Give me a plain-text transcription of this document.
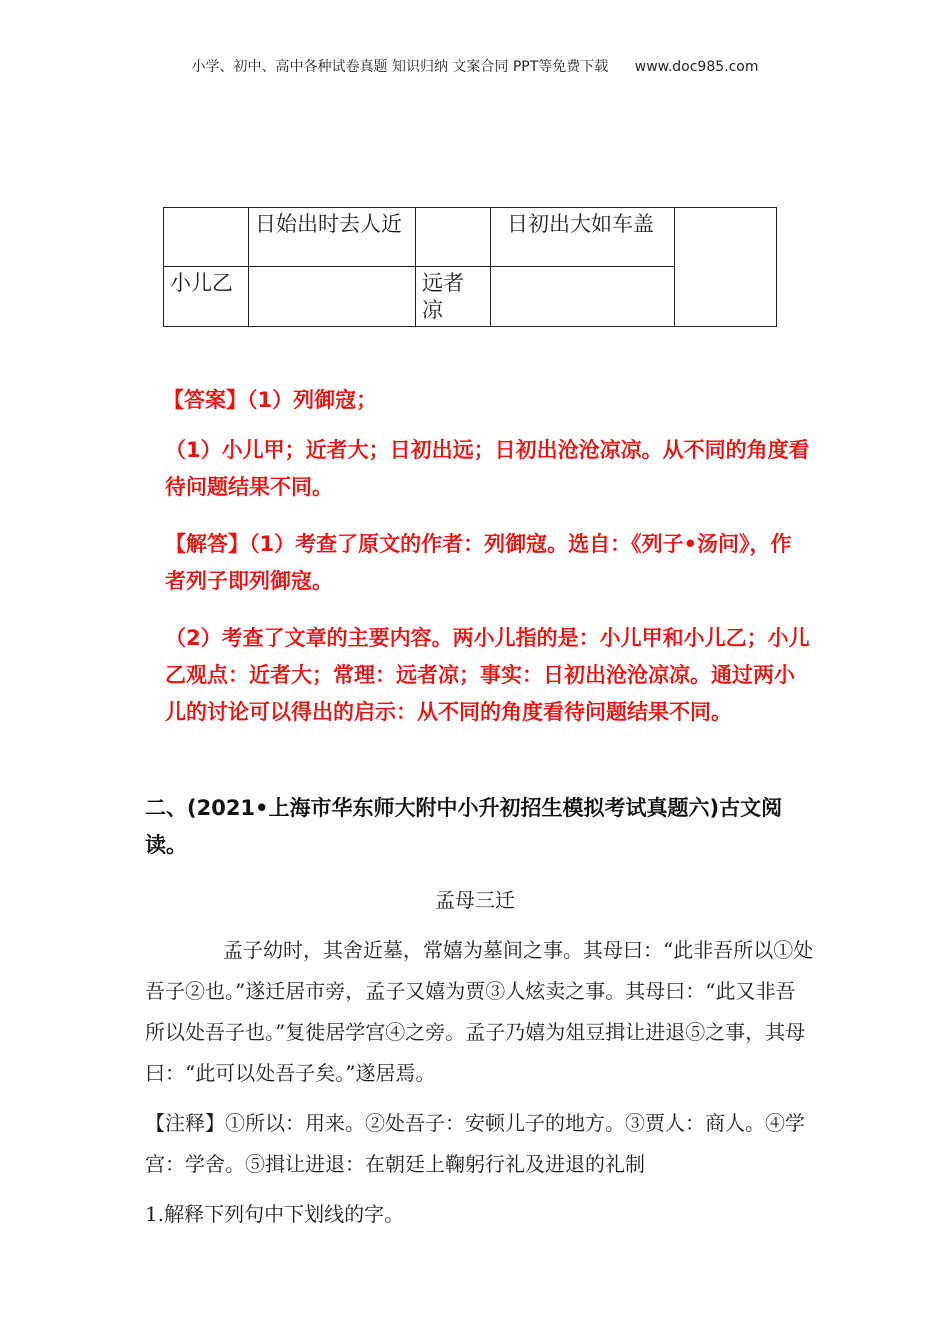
小学、初中、高中各种试卷真题 知识归纳 文案合同 PPT等免费下载 www.doc985.com
	日始出时去人近		日初出大如车盖	
小儿乙		远者凉		
【答案】（1）列御寇；
（1）小儿甲；近者大；日初出远；日初出沧沧凉凉。从不同的角度看待问题结果不同。
【解答】（1）考查了原文的作者：列御寇。选自：《列子•汤问》，作者列子即列御寇。
（2）考查了文章的主要内容。两小儿指的是：小儿甲和小儿乙；小儿乙观点：近者大；常理：远者凉；事实：日初出沧沧凉凉。通过两小儿的讨论可以得出的启示：从不同的角度看待问题结果不同。
二、(2021•上海市华东师大附中小升初招生模拟考试真题六)古文阅读。
孟母三迁
孟子幼时，其舍近墓，常嬉为墓间之事。其母曰：“此非吾所以①处吾子②也。”遂迁居市旁，孟子又嬉为贾③人炫卖之事。其母曰：“此又非吾所以处吾子也。”复徙居学宫④之旁。孟子乃嬉为俎豆揖让进退⑤之事，其母曰：“此可以处吾子矣。”遂居焉。
【注释】①所以：用来。②处吾子：安顿儿子的地方。③贾人：商人。④学宫：学舍。⑤揖让进退：在朝廷上鞠躬行礼及进退的礼制
1.解释下列句中下划线的字。
